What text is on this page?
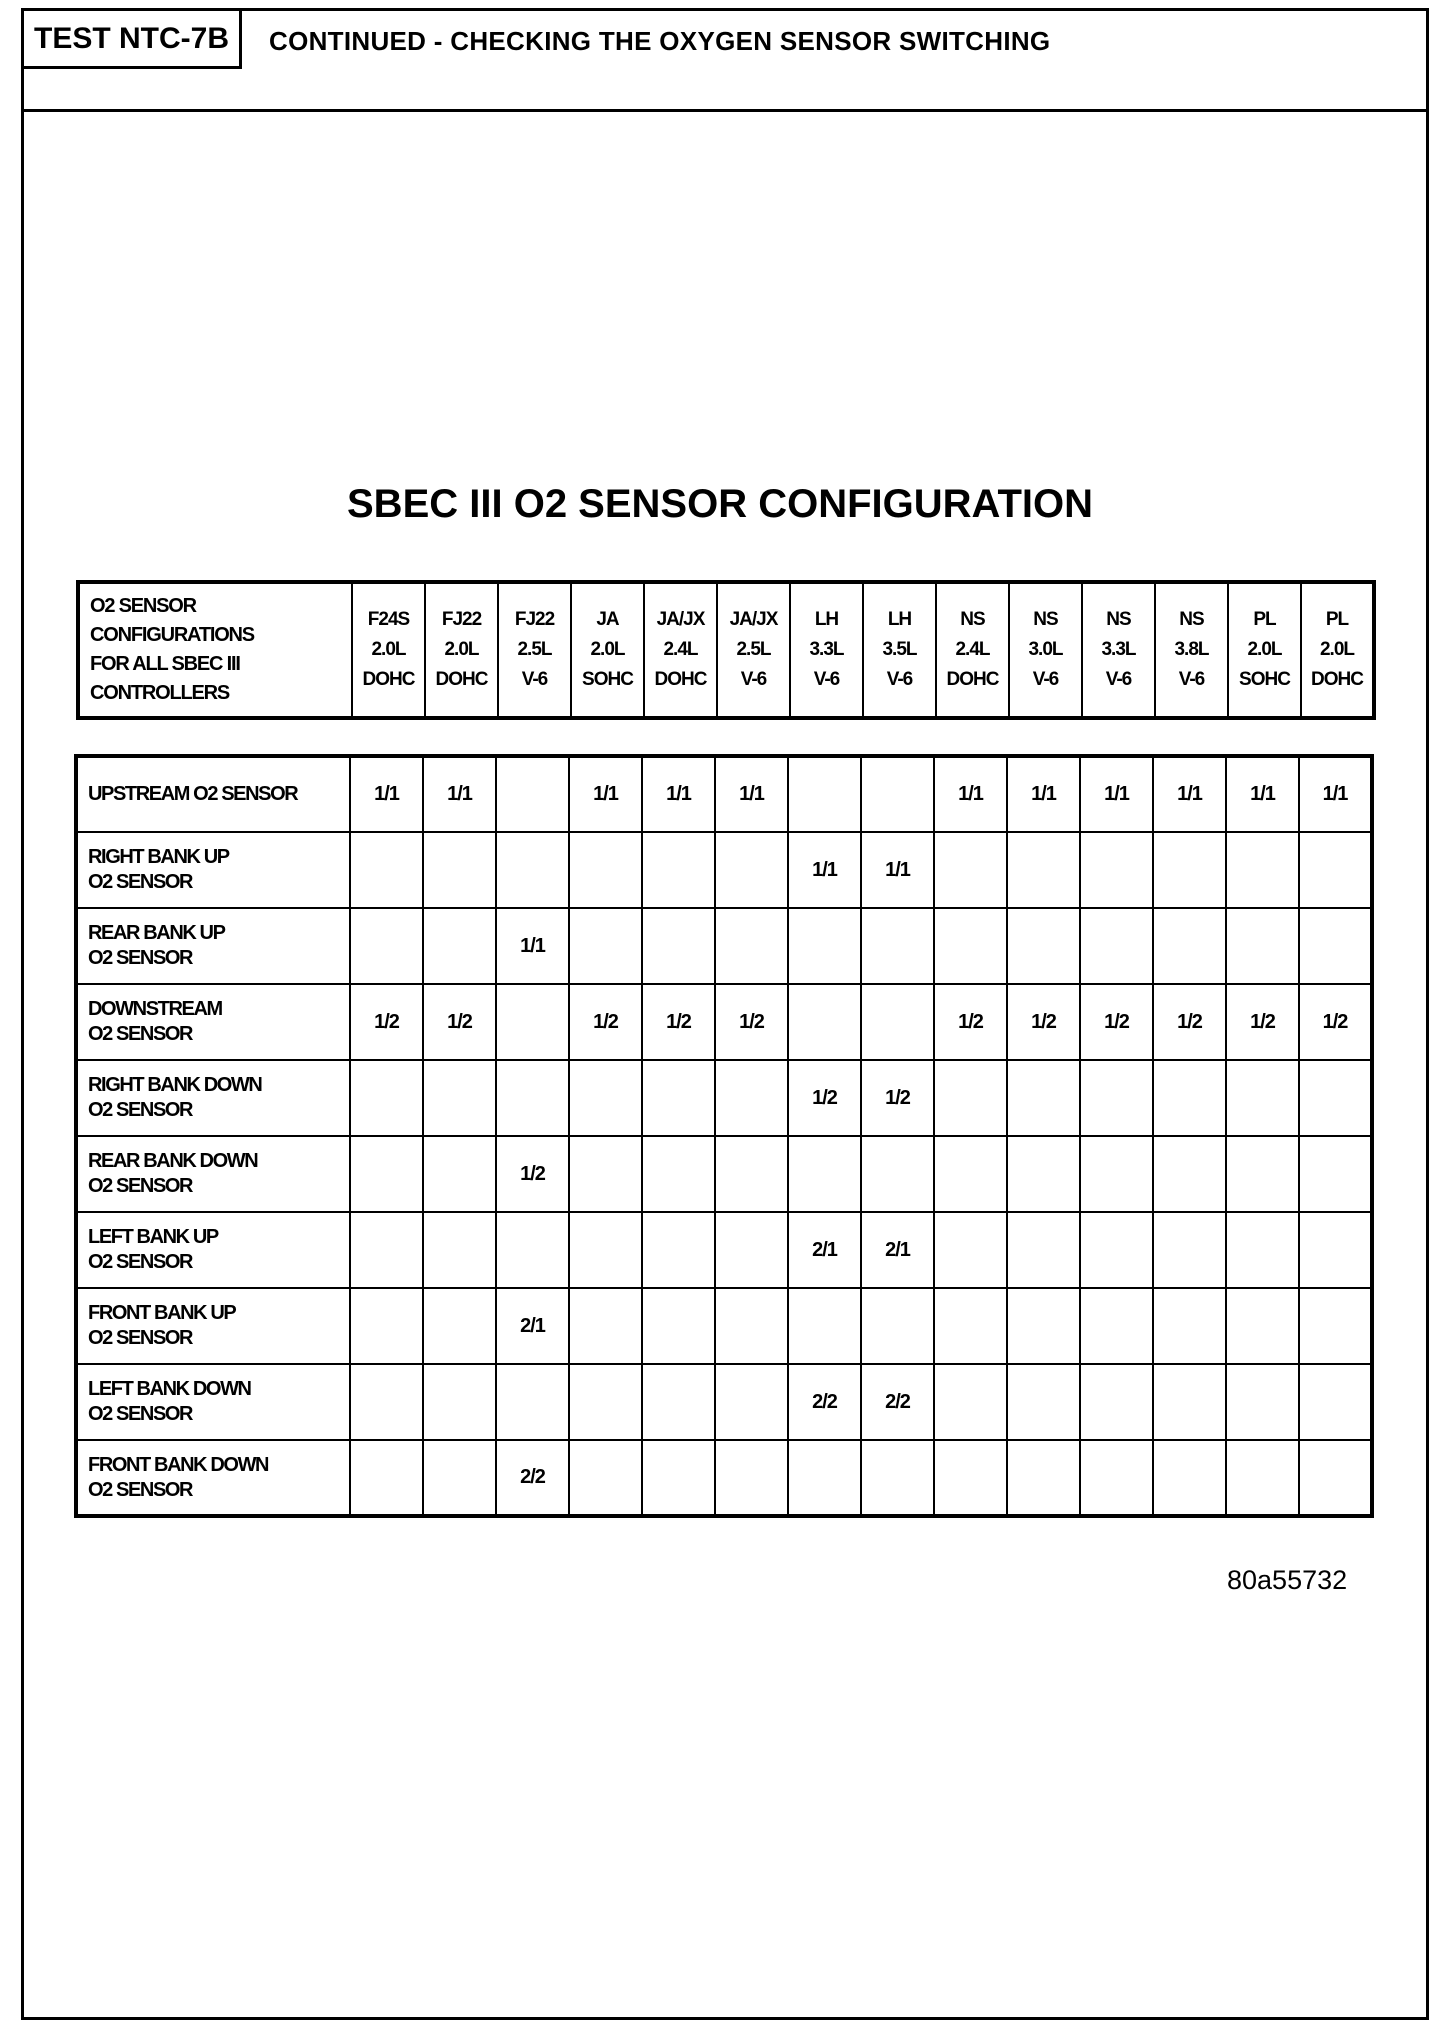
TEST NTC-7B	CONTINUED - CHECKING THE OXYGEN SENSOR SWITCHING
SBEC III O2 SENSOR CONFIGURATION
O2 SENSOR
CONFIGURATIONS
FOR ALL SBEC III
CONTROLLERS	F24S
2.0L
DOHC	FJ22
2.0L
DOHC	FJ22
2.5L
V-6	JA
2.0L
SOHC	JA/JX
2.4L
DOHC	JA/JX
2.5L
V-6	LH
3.3L
V-6	LH
3.5L
V-6	NS
2.4L
DOHC	NS
3.0L
V-6	NS
3.3L
V-6	NS
3.8L
V-6	PL
2.0L
SOHC	PL
2.0L
DOHC
UPSTREAM O2 SENSOR	1/1	1/1		1/1	1/1	1/1			1/1	1/1	1/1	1/1	1/1	1/1
RIGHT BANK UP
O2 SENSOR							1/1	1/1						
REAR BANK UP
O2 SENSOR			1/1											
DOWNSTREAM
O2 SENSOR	1/2	1/2		1/2	1/2	1/2			1/2	1/2	1/2	1/2	1/2	1/2
RIGHT BANK DOWN
O2 SENSOR							1/2	1/2						
REAR BANK DOWN
O2 SENSOR			1/2											
LEFT BANK UP
O2 SENSOR							2/1	2/1						
FRONT BANK UP
O2 SENSOR			2/1											
LEFT BANK DOWN
O2 SENSOR							2/2	2/2						
FRONT BANK DOWN
O2 SENSOR			2/2											
80a55732
